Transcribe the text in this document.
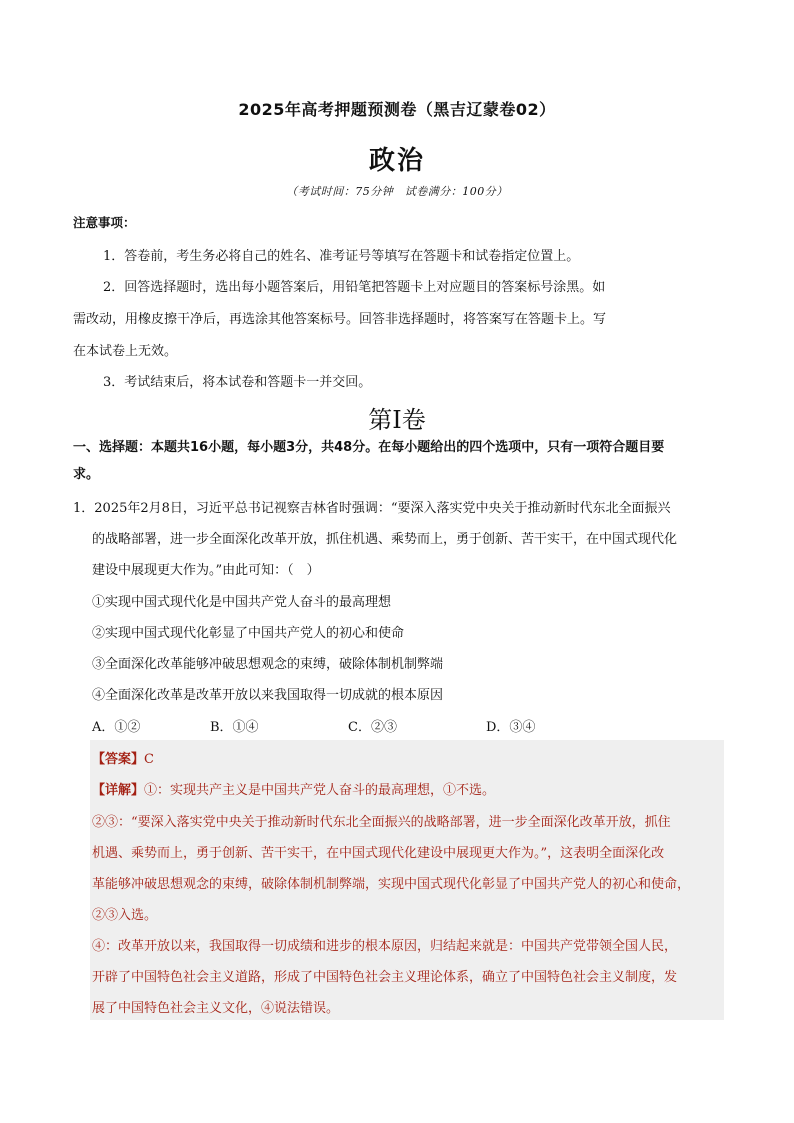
2025年高考押题预测卷（黑吉辽蒙卷02）
政治
（考试时间：75分钟　试卷满分：100分）
注意事项：
1．答卷前，考生务必将自己的姓名、准考证号等填写在答题卡和试卷指定位置上。
2．回答选择题时，选出每小题答案后，用铅笔把答题卡上对应题目的答案标号涂黑。如
需改动，用橡皮擦干净后，再选涂其他答案标号。回答非选择题时，将答案写在答题卡上。写
在本试卷上无效。
3．考试结束后，将本试卷和答题卡一并交回。
第Ⅰ卷
一、选择题：本题共16小题，每小题3分，共48分。在每小题给出的四个选项中，只有一项符合题目要
求。
1．2025年2月8日，习近平总书记视察吉林省时强调：“要深入落实党中央关于推动新时代东北全面振兴
的战略部署，进一步全面深化改革开放，抓住机遇、乘势而上，勇于创新、苦干实干，在中国式现代化
建设中展现更大作为。”由此可知：（　）
①实现中国式现代化是中国共产党人奋斗的最高理想
②实现中国式现代化彰显了中国共产党人的初心和使命
③全面深化改革能够冲破思想观念的束缚，破除体制机制弊端
④全面深化改革是改革开放以来我国取得一切成就的根本原因
A．①②	B．①④	C．②③	D．③④
【答案】C
【详解】①：实现共产主义是中国共产党人奋斗的最高理想，①不选。
②③：“要深入落实党中央关于推动新时代东北全面振兴的战略部署，进一步全面深化改革开放，抓住
机遇、乘势而上，勇于创新、苦干实干，在中国式现代化建设中展现更大作为。”，这表明全面深化改
革能够冲破思想观念的束缚，破除体制机制弊端，实现中国式现代化彰显了中国共产党人的初心和使命，
②③入选。
④：改革开放以来，我国取得一切成绩和进步的根本原因，归结起来就是：中国共产党带领全国人民，
开辟了中国特色社会主义道路，形成了中国特色社会主义理论体系，确立了中国特色社会主义制度，发
展了中国特色社会主义文化，④说法错误。
